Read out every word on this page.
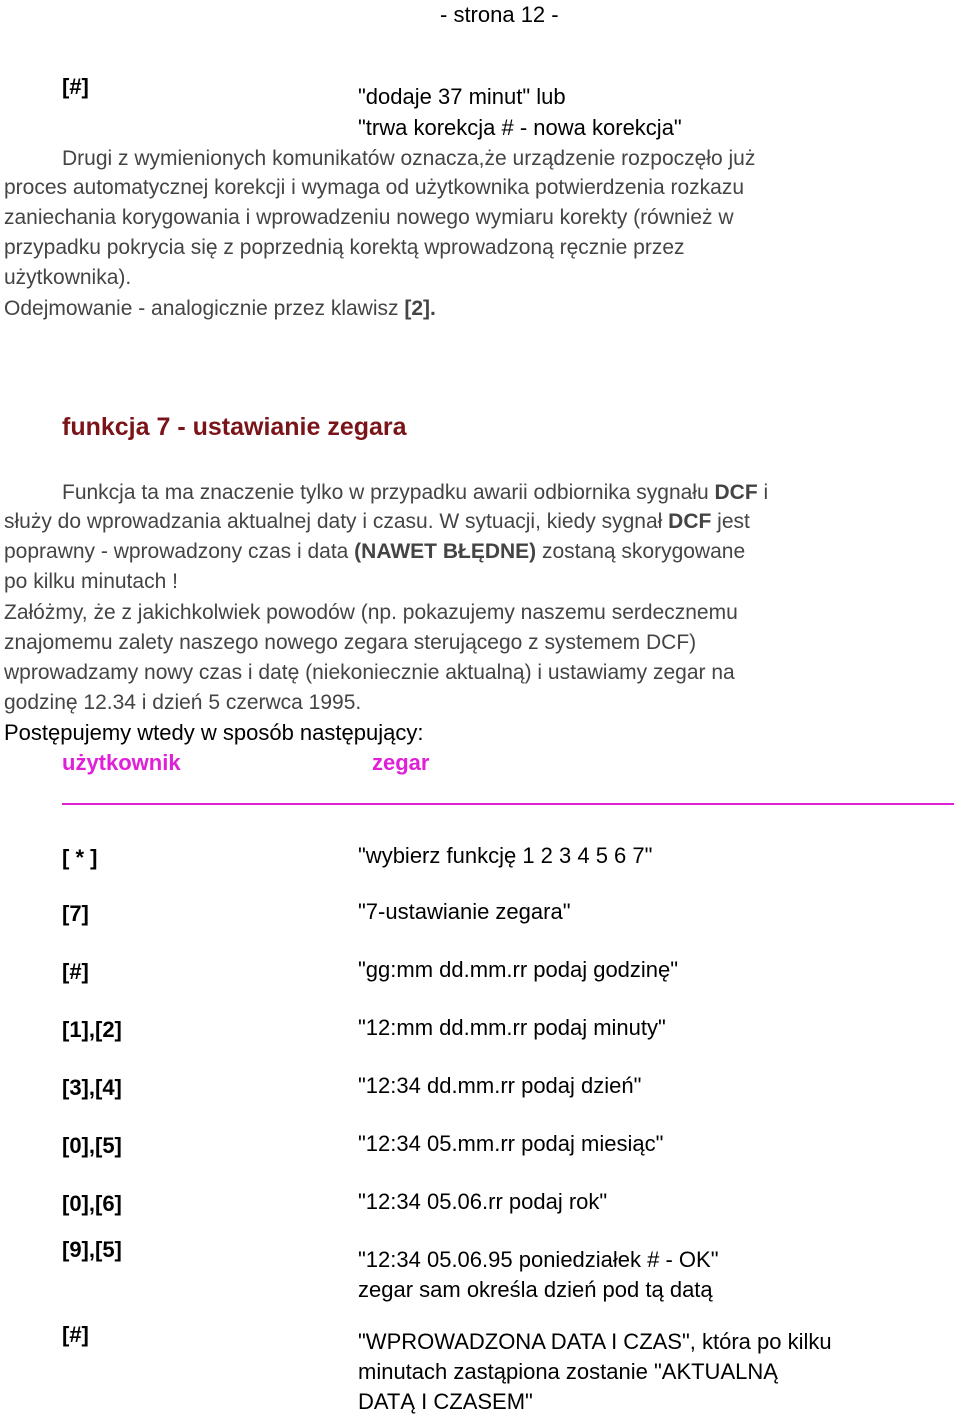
- strona 12 -
[#]	"dodaje 37 minut" lub
"trwa korekcja # - nowa korekcja"
Drugi z wymienionych komunikatów oznacza,że urządzenie rozpoczęło już
proces automatycznej korekcji i wymaga od użytkownika potwierdzenia rozkazu
zaniechania korygowania i wprowadzeniu nowego wymiaru korekty (również w
przypadku pokrycia się z poprzednią korektą wprowadzoną ręcznie przez
użytkownika).
Odejmowanie - analogicznie przez klawisz [2].
funkcja 7 - ustawianie zegara
Funkcja ta ma znaczenie tylko w przypadku awarii odbiornika sygnału DCF i
służy do wprowadzania aktualnej daty i czasu. W sytuacji, kiedy sygnał DCF jest
poprawny - wprowadzony czas i data (NAWET BŁĘDNE) zostaną skorygowane
po kilku minutach !
Załóżmy, że z jakichkolwiek powodów (np. pokazujemy naszemu serdecznemu
znajomemu zalety naszego nowego zegara sterującego z systemem DCF)
wprowadzamy nowy czas i datę (niekoniecznie aktualną) i ustawiamy zegar na
godzinę 12.34 i dzień 5 czerwca 1995.
Postępujemy wtedy w sposób następujący:
użytkownik	zegar
[ * ]	"wybierz funkcję 1 2 3 4 5 6 7"
[7]	"7-ustawianie zegara"
[#]	"gg:mm dd.mm.rr podaj godzinę"
[1],[2]	"12:mm dd.mm.rr podaj minuty"
[3],[4]	"12:34 dd.mm.rr podaj dzień"
[0],[5]	"12:34 05.mm.rr podaj miesiąc"
[0],[6]	"12:34 05.06.rr podaj rok"
[9],[5]	"12:34 05.06.95 poniedziałek # - OK"
zegar sam określa dzień pod tą datą
[#]	"WPROWADZONA DATA I CZAS", która po kilku
minutach zastąpiona zostanie "AKTUALNĄ
DATĄ I CZASEM"
